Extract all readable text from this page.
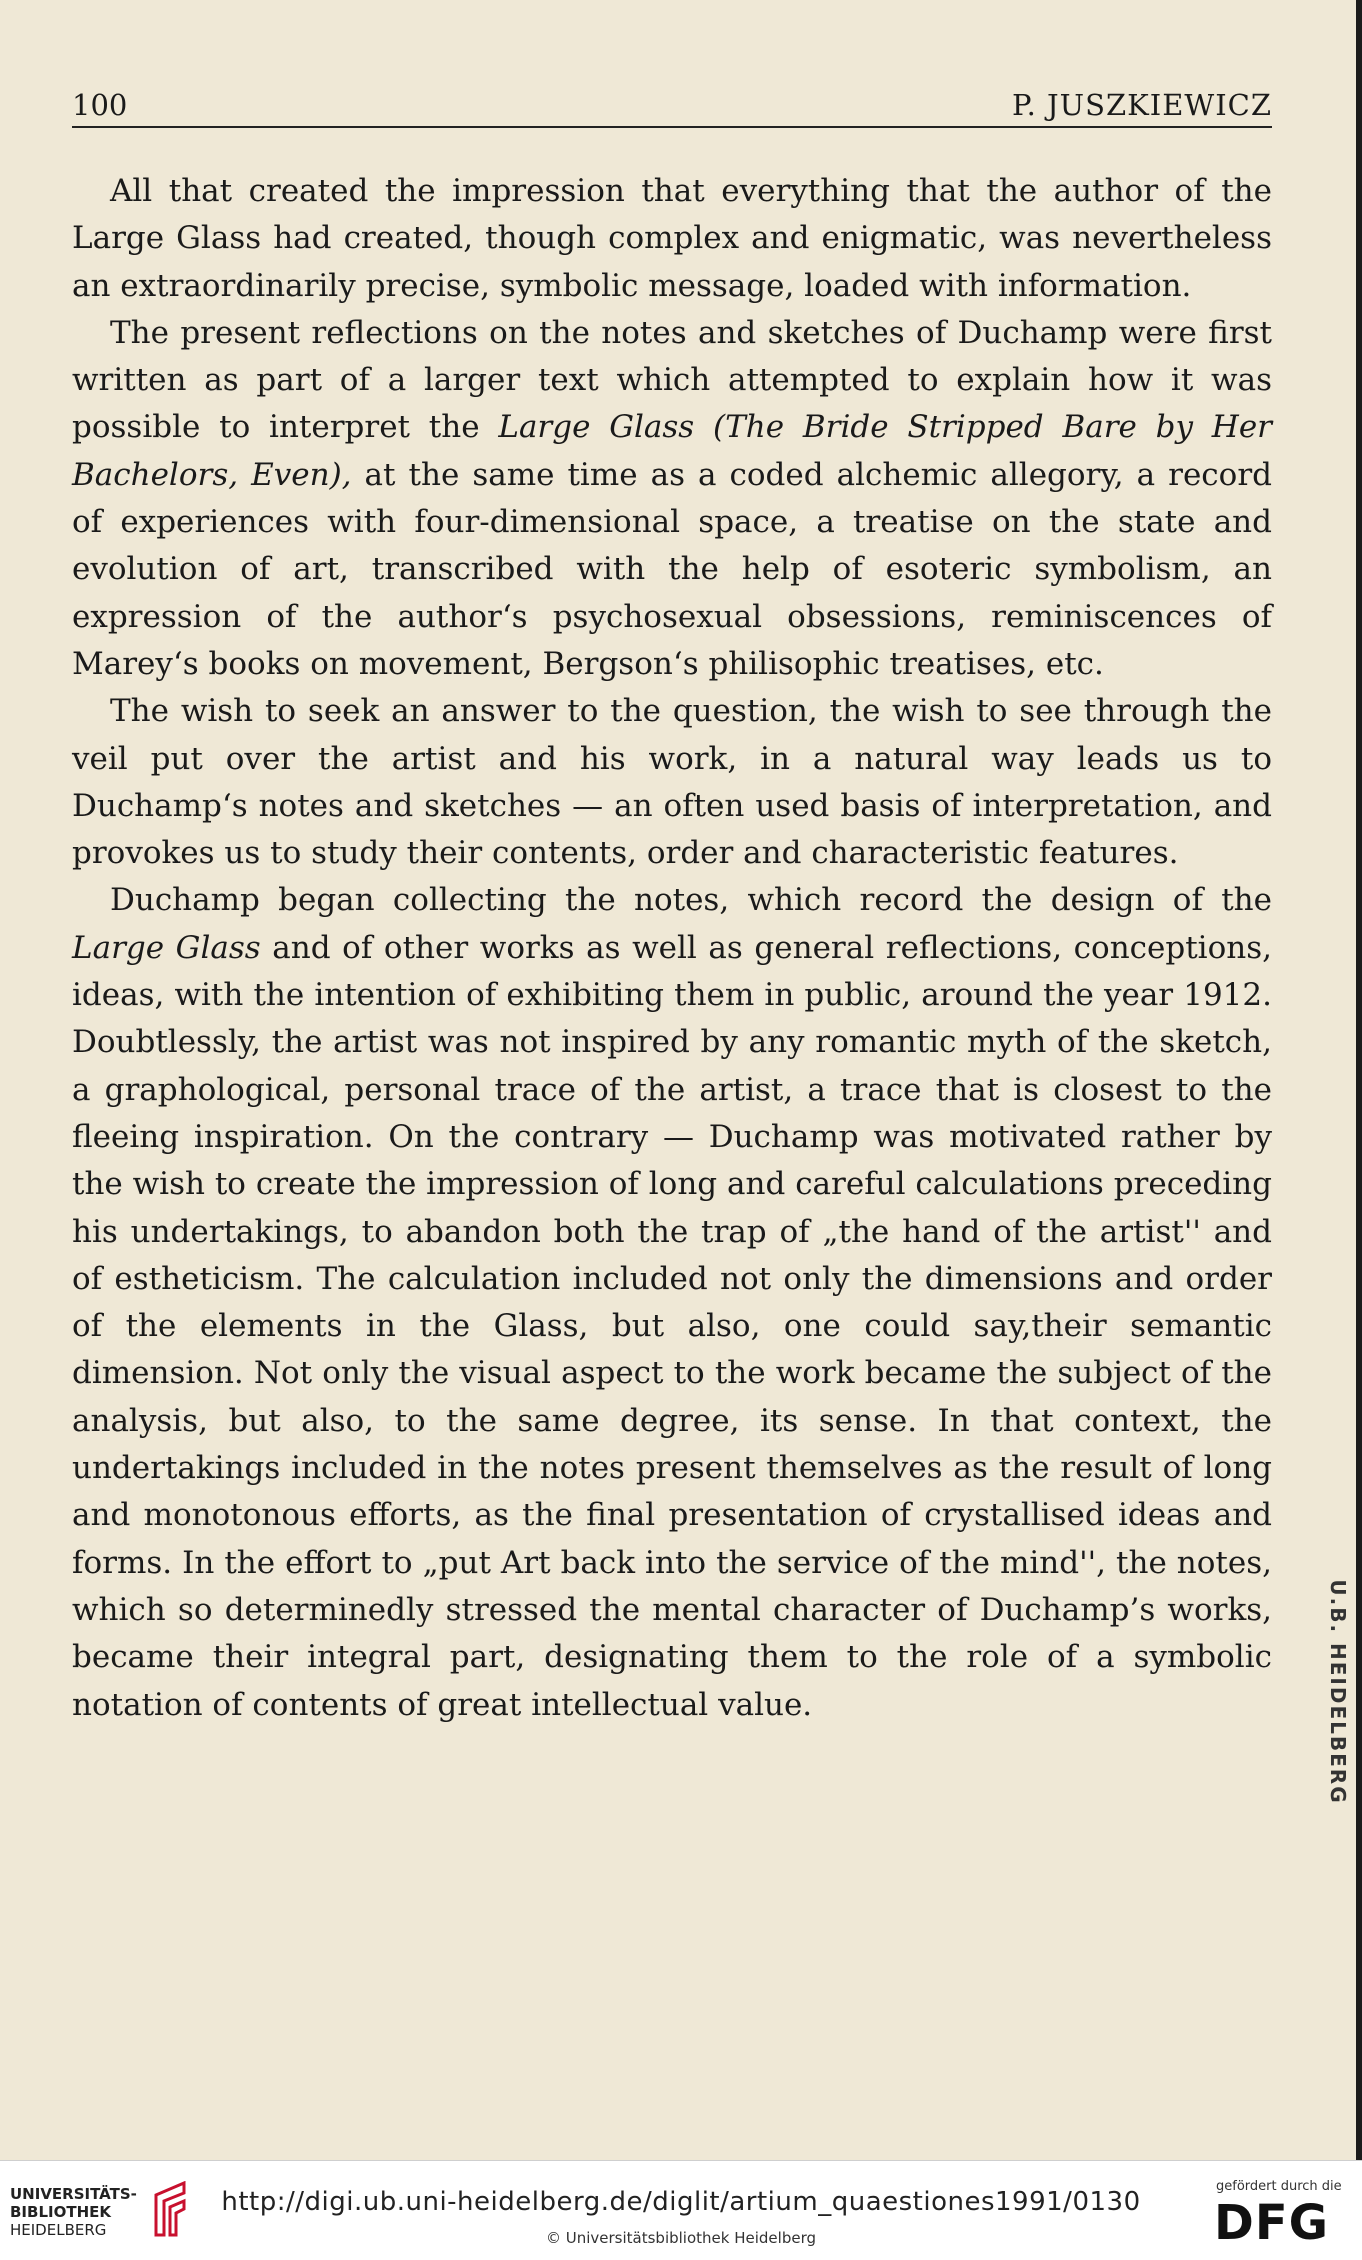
100	P. JUSZKIEWICZ

All that created the impression that everything that the author of the Large Glass had created, though complex and enigmatic, was nevertheless an extraordinarily precise, symbolic message, loaded with information.

The present reflections on the notes and sketches of Duchamp were first written as part of a larger text which attempted to explain how it was possible to interpret the Large Glass (The Bride Stripped Bare by Her Bachelors, Even), at the same time as a coded alchemic allegory, a record of experiences with four-dimensional space, a treatise on the state and evolution of art, transcribed with the help of esoteric symbolism, an expression of the author‘s psychosexual obsessions, reminiscences of Marey‘s books on movement, Bergson‘s philisophic treatises, etc.

The wish to seek an answer to the question, the wish to see through the veil put over the artist and his work, in a natural way leads us to Duchamp‘s notes and sketches — an often used basis of interpretation, and provokes us to study their contents, order and characteristic features.

Duchamp began collecting the notes, which record the design of the Large Glass and of other works as well as general reflections, conceptions, ideas, with the intention of exhibiting them in public, around the year 1912. Doubtlessly, the artist was not inspired by any romantic myth of the sketch, a graphological, personal trace of the artist, a trace that is closest to the fleeing inspiration. On the contrary — Duchamp was motivated rather by the wish to create the impression of long and careful calculations preceding his undertakings, to abandon both the trap of „the hand of the artist'' and of estheticism. The calculation included not only the dimensions and order of the elements in the Glass, but also, one could say,their semantic dimension. Not only the visual aspect to the work became the subject of the analysis, but also, to the same degree, its sense. In that context, the undertakings included in the notes present themselves as the result of long and monotonous efforts, as the final presentation of crystallised ideas and forms. In the effort to „put Art back into the service of the mind'', the notes, which so determinedly stressed the mental character of Duchamp’s works, became their integral part, designating them to the role of a symbolic notation of contents of great intellectual value.	U.B. HEIDELBERG
UNIVERSITÄTS-
BIBLIOTHEK
HEIDELBERG
http://digi.ub.uni-heidelberg.de/diglit/artium_quaestiones1991/0130
© Universitätsbibliothek Heidelberg
gefördert durch die
DFG
